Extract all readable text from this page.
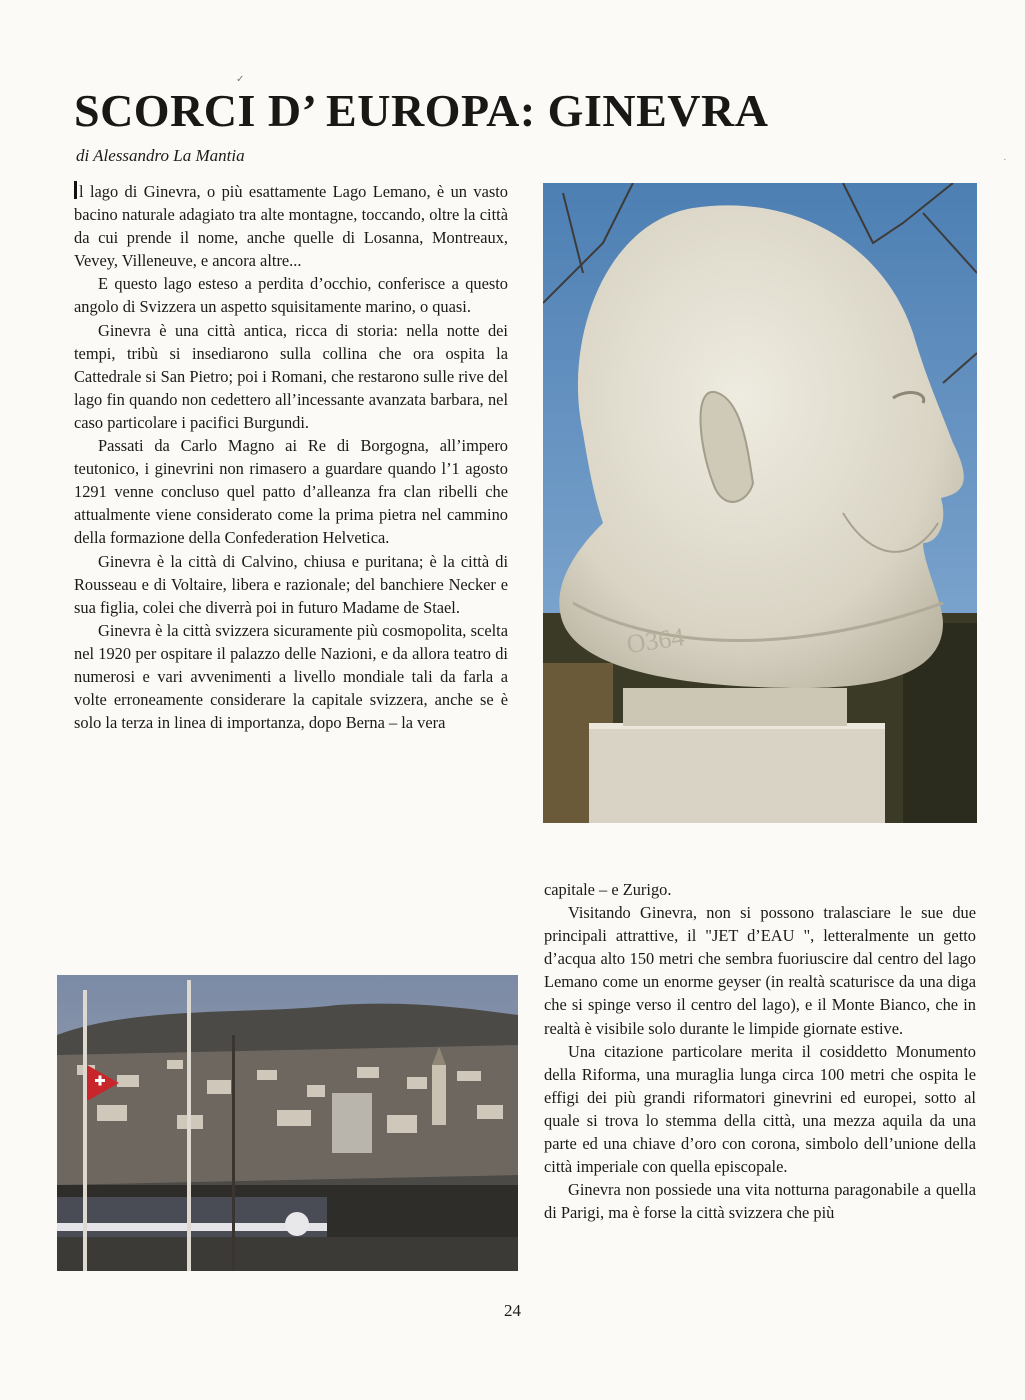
✓
·
SCORCI D’ EUROPA: GINEVRA

di Alessandro La Mantia

l lago di Ginevra, o più esattamente Lago Lemano, è un vasto bacino naturale adagiato tra alte montagne, toccando, oltre la città da cui prende il nome, anche quelle di Losanna, Montreaux, Vevey, Villeneuve, e ancora altre...

E questo lago esteso a perdita d’occhio, conferisce a questo angolo di Svizzera un aspetto squisitamente marino, o quasi.

Ginevra è una città antica, ricca di storia: nella notte dei tempi, tribù si insediarono sulla collina che ora ospita la Cattedrale si San Pietro; poi i Romani, che restarono sulle rive del lago fin quando non cedettero all’incessante avanzata barbara, nel caso particolare i pacifici Burgundi.

Passati da Carlo Magno ai Re di Borgogna, all’impero teutonico, i ginevrini non rimasero a guardare quando l’1 agosto 1291 venne concluso quel patto d’alleanza fra clan ribelli che attualmente viene considerato come la prima pietra nel cammino della formazione della Confederation Helvetica.

Ginevra è la città di Calvino, chiusa e puritana; è la città di Rousseau e di Voltaire, libera e razionale; del banchiere Necker e sua figlia, colei che diverrà poi in futuro Madame de Stael.

Ginevra è la città svizzera sicuramente più cosmopolita, scelta nel 1920 per ospitare il palazzo delle Nazioni, e da allora teatro di numerosi e vari avvenimenti a livello mondiale tali da farla a volte erroneamente considerare la capitale svizzera, anche se è solo la terza in linea di importanza, dopo Berna – la vera

O364

capitale – e Zurigo.

Visitando Ginevra, non si possono tralasciare le sue due principali attrattive, il "JET d’EAU ", letteralmente un getto d’acqua alto 150 metri che sembra fuoriuscire dal centro del lago Lemano come un enorme geyser (in realtà scaturisce da una diga che si spinge verso il centro del lago), e il Monte Bianco, che in realtà è visibile solo durante le limpide giornate estive.

Una citazione particolare merita il cosiddetto Monumento della Riforma, una muraglia lunga circa 100 metri che ospita le effigi dei più grandi riformatori ginevrini ed europei, sotto al quale si trova lo stemma della città, una mezza aquila da una parte ed una chiave d’oro con corona, simbolo dell’unione della città imperiale con quella episcopale.

Ginevra non possiede una vita notturna paragonabile a quella di Parigi, ma è forse la città svizzera che più

24
